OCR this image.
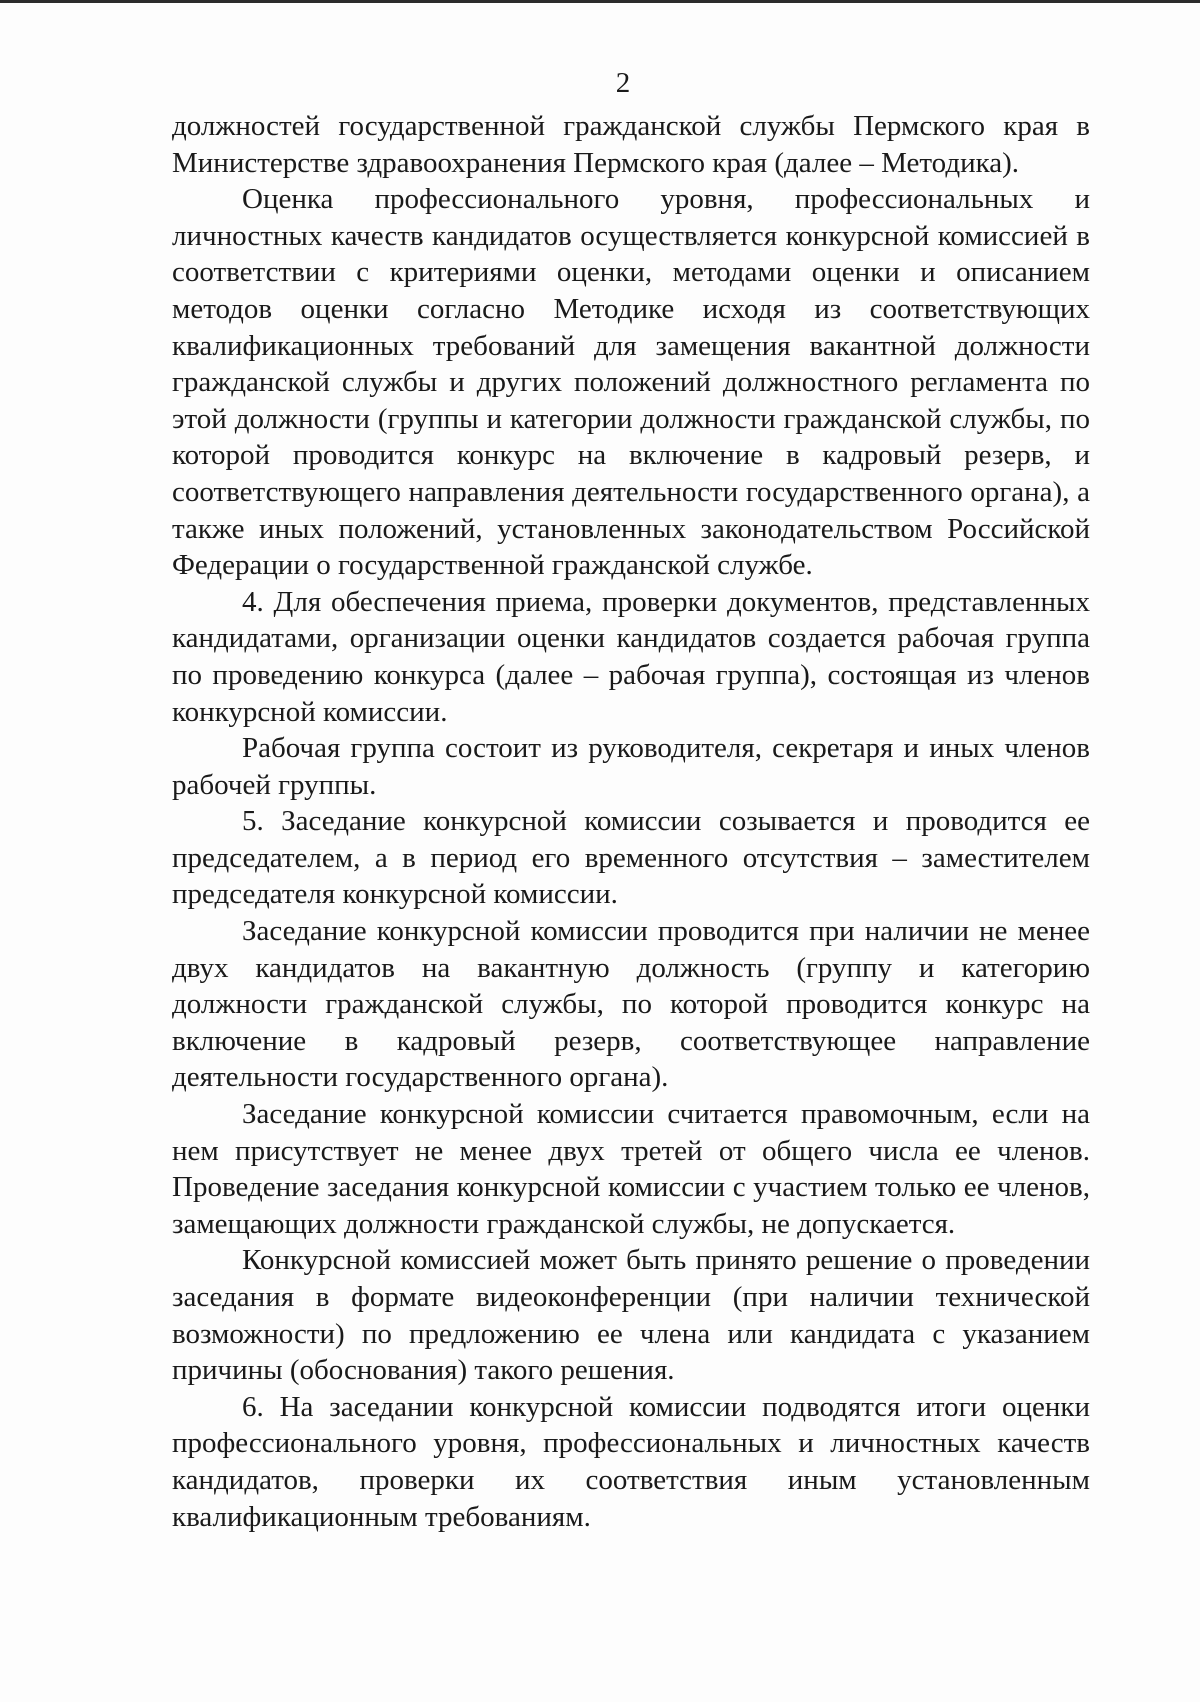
2

должностей государственной гражданской службы Пермского края в Министерстве здравоохранения Пермского края (далее – Методика).

Оценка профессионального уровня, профессиональных и личностных качеств кандидатов осуществляется конкурсной комиссией в соответствии с критериями оценки, методами оценки и описанием методов оценки согласно Методике исходя из соответствующих квалификационных требований для замещения вакантной должности гражданской службы и других положений должностного регламента по этой должности (группы и категории должности гражданской службы, по которой проводится конкурс на включение в кадровый резерв, и соответствующего направления деятельности государственного органа), а также иных положений, установленных законодательством Российской Федерации о государственной гражданской службе.

4. Для обеспечения приема, проверки документов, представленных кандидатами, организации оценки кандидатов создается рабочая группа по проведению конкурса (далее – рабочая группа), состоящая из членов конкурсной комиссии.

Рабочая группа состоит из руководителя, секретаря и иных членов рабочей группы.

5. Заседание конкурсной комиссии созывается и проводится ее председателем, а в период его временного отсутствия – заместителем председателя конкурсной комиссии.

Заседание конкурсной комиссии проводится при наличии не менее двух кандидатов на вакантную должность (группу и категорию должности гражданской службы, по которой проводится конкурс на включение в кадровый резерв, соответствующее направление деятельности государственного органа).

Заседание конкурсной комиссии считается правомочным, если на нем присутствует не менее двух третей от общего числа ее членов. Проведение заседания конкурсной комиссии с участием только ее членов, замещающих должности гражданской службы, не допускается.

Конкурсной комиссией может быть принято решение о проведении заседания в формате видеоконференции (при наличии технической возможности) по предложению ее члена или кандидата с указанием причины (обоснования) такого решения.

6. На заседании конкурсной комиссии подводятся итоги оценки профессионального уровня, профессиональных и личностных качеств кандидатов, проверки их соответствия иным установленным квалификационным требованиям.
